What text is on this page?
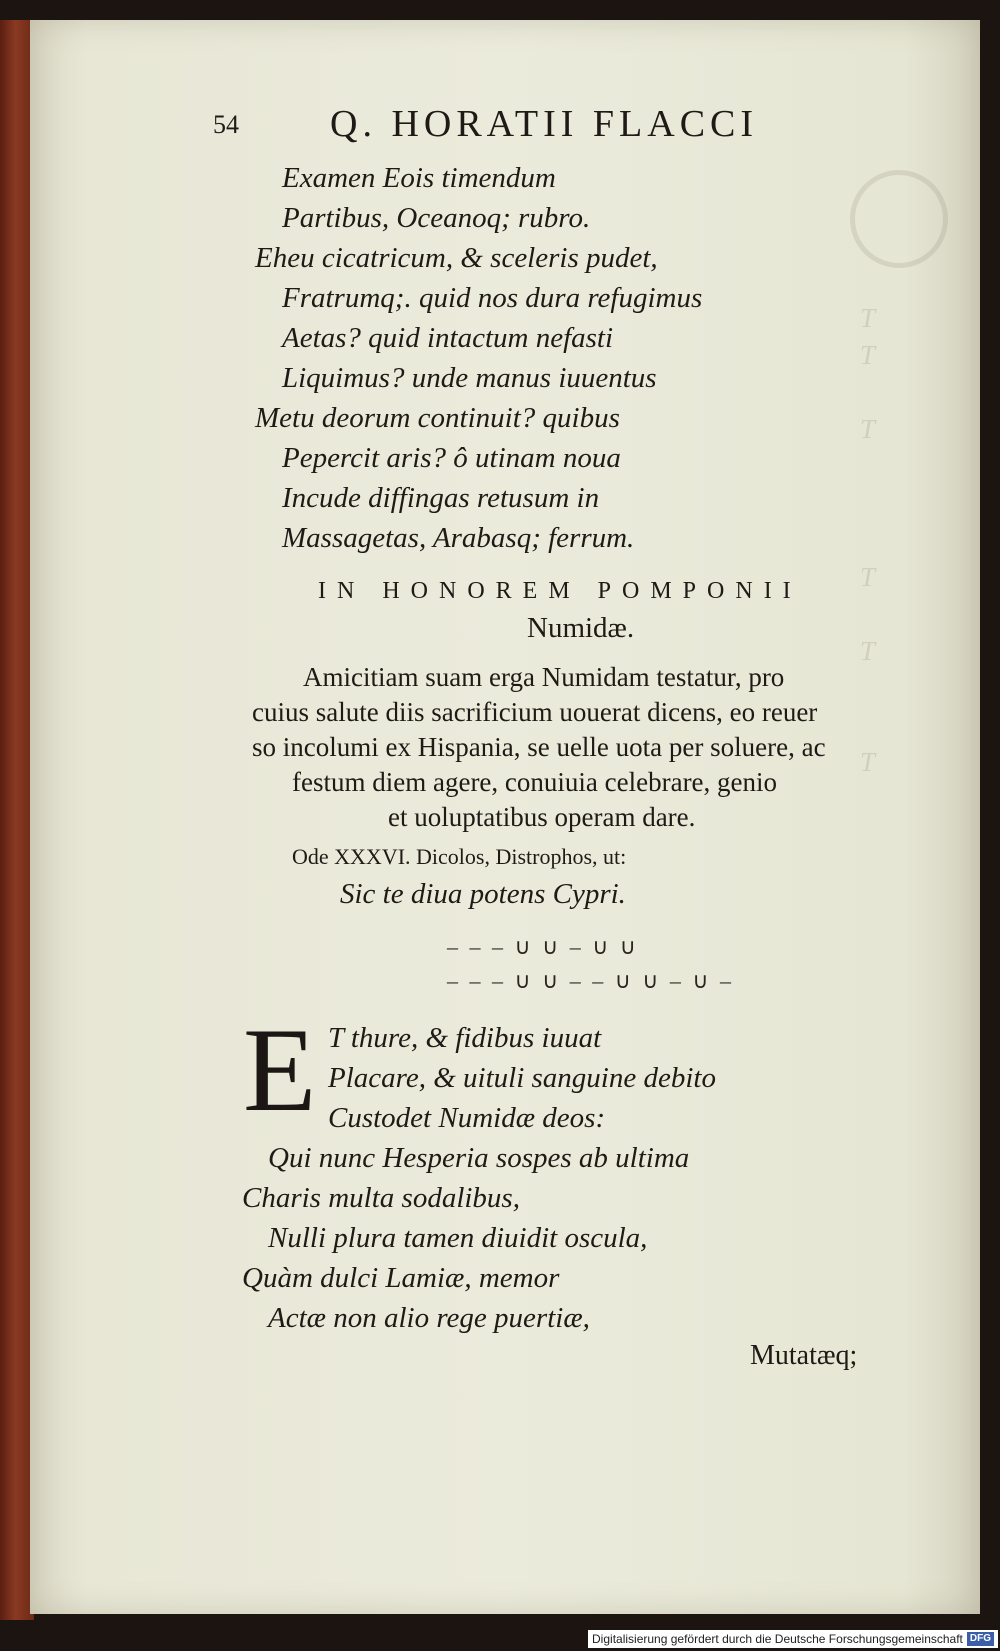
T
T

T

T

T

T
54 Q. HORATII FLACCI
Examen Eois timendum
Partibus, Oceanoq; rubro.
Eheu cicatricum, & sceleris pudet,
Fratrumq;. quid nos dura refugimus
Aetas? quid intactum nefasti
Liquimus? unde manus iuuentus
Metu deorum continuit? quibus
Pepercit aris? ô utinam noua
Incude diffingas retusum in
Massagetas, Arabasq; ferrum.
IN HONOREM POMPONII
Numidæ.
Amicitiam suam erga Numidam testatur, pro
cuius salute diis sacrificium uouerat dicens, eo reuer
so incolumi ex Hispania, se uelle uota per soluere, ac
festum diem agere, conuiuia celebrare, genio
et uoluptatibus operam dare.
Ode XXXVI. Dicolos, Distrophos, ut:
Sic te diua potens Cypri.
– – – ∪ ∪ – ∪ ∪
– – – ∪ ∪ – – ∪ ∪ – ∪ –
E T thure, & fidibus iuuat
Placare, & uituli sanguine debito
Custodet Numidæ deos:
Qui nunc Hesperia sospes ab ultima
Charis multa sodalibus,
Nulli plura tamen diuidit oscula,
Quàm dulci Lamiæ, memor
Actæ non alio rege puertiæ,
Mutatæq;
Digitalisierung gefördert durch die Deutsche Forschungsgemeinschaft DFG
